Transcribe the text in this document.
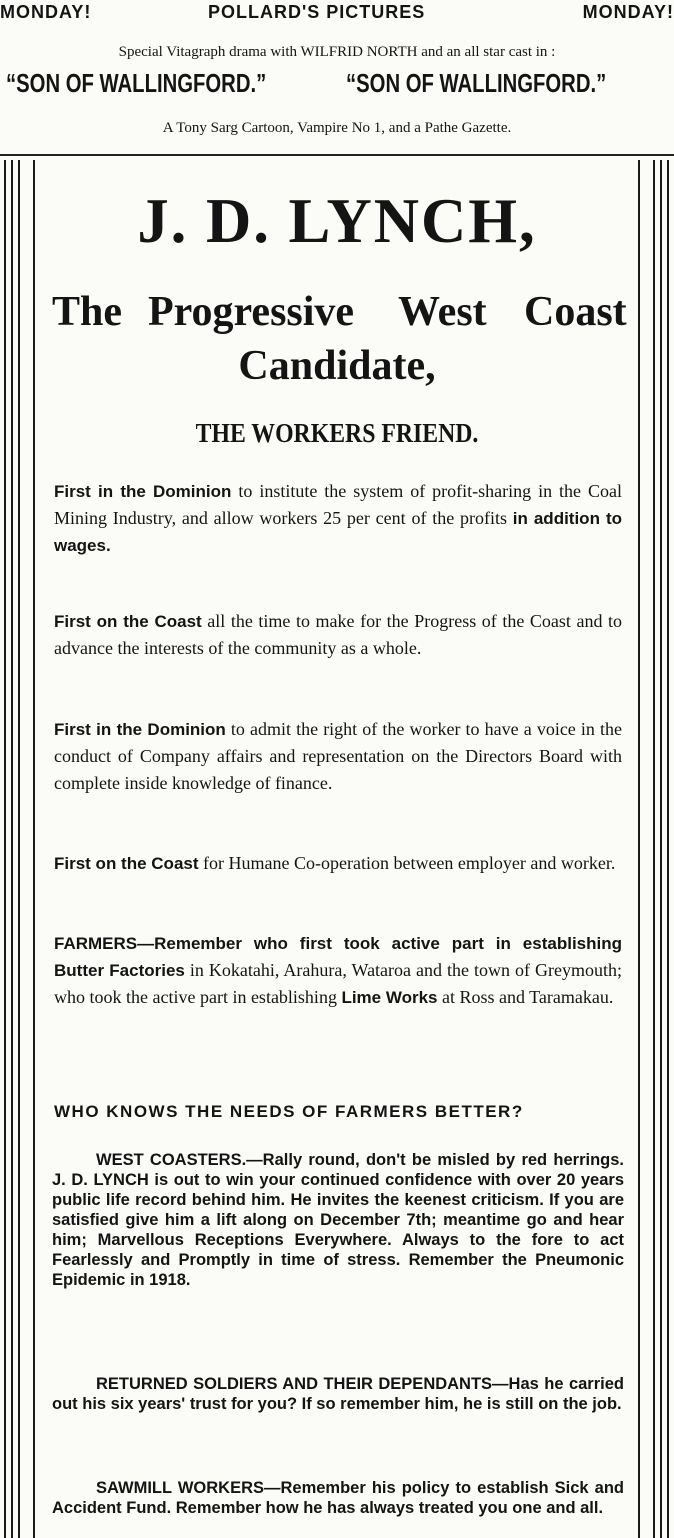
MONDAY!	POLLARD'S PICTURES	MONDAY!
Special Vitagraph drama with WILFRID NORTH and an all star cast in :
“SON OF WALLINGFORD.”	“SON OF WALLINGFORD.”
A Tony Sarg Cartoon, Vampire No 1, and a Pathe Gazette.
J. D. LYNCH,
The Progressive West Coast
Candidate,
THE WORKERS FRIEND.
First in the Dominion to institute the system of profit-sharing in the Coal Mining Industry, and allow workers 25 per cent of the profits in addition to wages.
First on the Coast all the time to make for the Progress of the Coast and to advance the interests of the community as a whole.
First in the Dominion to admit the right of the worker to have a voice in the conduct of Company affairs and representation on the Directors Board with complete inside knowledge of finance.
First on the Coast for Humane Co-operation between employer and worker.
FARMERS—Remember who first took active part in establishing Butter Factories in Kokatahi, Arahura, Wataroa and the town of Greymouth; who took the active part in establishing Lime Works at Ross and Taramakau.
WHO KNOWS THE NEEDS OF FARMERS BETTER?
WEST COASTERS.—Rally round, don't be misled by red herrings. J. D. LYNCH is out to win your continued confidence with over 20 years public life record behind him. He invites the keenest criticism. If you are satisfied give him a lift along on December 7th; meantime go and hear him; Marvellous Receptions Everywhere. Always to the fore to act Fearlessly and Promptly in time of stress. Remember the Pneumonic Epidemic in 1918.
RETURNED SOLDIERS AND THEIR DEPENDANTS—Has he carried out his six years' trust for you? If so remember him, he is still on the job.
SAWMILL WORKERS—Remember his policy to establish Sick and Accident Fund. Remember how he has always treated you one and all.
